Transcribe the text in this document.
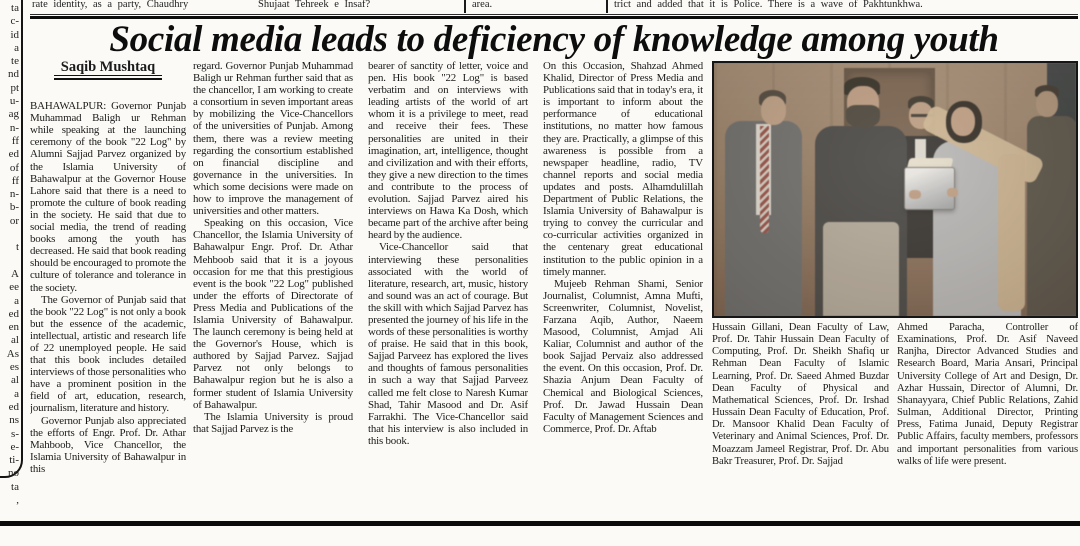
ta
c-
id
a
te
nd
pt
u-
ag
n-
ff
ed
of
ff
n-
b-
or
t
A
ee
a
ed
en
al
As
es
al
a
ed
ns
s-
e-
ti-
no
ta
,
rate identity, as a party, Chaudhry	Shujaat Tehreek e Insaf?	area.	trict and added that it is Police. There is a wave of Pakhtunkhwa.
Social media leads to deficiency of knowledge among youth
Saqib Mushtaq

BAHAWALPUR: Governor Punjab Muhammad Baligh ur Rehman while speaking at the launching ceremony of the book "22 Log" by Alumni Sajjad Parvez organized by the Islamia University of Bahawalpur at the Governor House Lahore said that there is a need to promote the culture of book reading in the society. He said that due to social media, the trend of reading books among the youth has decreased. He said that book reading should be encouraged to promote the culture of tolerance and tolerance in the society.

The Governor of Punjab said that the book "22 Log" is not only a book but the essence of the academic, intellectual, artistic and research life of 22 unemployed people. He said that this book includes detailed interviews of those personalities who have a prominent position in the field of art, education, research, journalism, literature and history.

Governor Punjab also appreciated the efforts of Engr. Prof. Dr. Athar Mahboob, Vice Chancellor, the Islamia University of Bahawalpur in this

regard. Governor Punjab Muhammad Baligh ur Rehman further said that as the chancellor, I am working to create a consortium in seven important areas by mobilizing the Vice-Chancellors of the universities of Punjab. Among them, there was a review meeting regarding the consortium established on financial discipline and governance in the universities. In which some decisions were made on how to improve the management of universities and other matters.

Speaking on this occasion, Vice Chancellor, the Islamia University of Bahawalpur Engr. Prof. Dr. Athar Mehboob said that it is a joyous occasion for me that this prestigious event is the book "22 Log" published under the efforts of Directorate of Press Media and Publications of the Islamia University of Bahawalpur. The launch ceremony is being held at the Governor's House, which is authored by Sajjad Parvez. Sajjad Parvez not only belongs to Bahawalpur region but he is also a former student of Islamia University of Bahawalpur.

The Islamia University is proud that Sajjad Parvez is the

bearer of sanctity of letter, voice and pen. His book "22 Log" is based verbatim and on interviews with leading artists of the world of art whom it is a privilege to meet, read and receive their fees. These personalities are united in their imagination, art, intelligence, thought and civilization and with their efforts, they give a new direction to the times and contribute to the process of evolution. Sajjad Parvez aired his interviews on Hawa Ka Dosh, which became part of the archive after being heard by the audience.

Vice-Chancellor said that interviewing these personalities associated with the world of literature, research, art, music, history and sound was an act of courage. But the skill with which Sajjad Parvez has presented the journey of his life in the words of these personalities is worthy of praise. He said that in this book, Sajjad Parveez has explored the lives and thoughts of famous personalities in such a way that Sajjad Parveez called me felt close to Naresh Kumar Shad, Tahir Masood and Dr. Asif Farrakhi. The Vice-Chancellor said that his interview is also included in this book.

On this Occasion, Shahzad Ahmed Khalid, Director of Press Media and Publications said that in today's era, it is important to inform about the performance of educational institutions, no matter how famous they are. Practically, a glimpse of this awareness is possible from a newspaper headline, radio, TV channel reports and social media updates and posts. Alhamdulillah Department of Public Relations, the Islamia University of Bahawalpur is trying to convey the curricular and co-curricular activities organized in the centenary great educational institution to the public opinion in a timely manner.

Mujeeb Rehman Shami, Senior Journalist, Columnist, Amna Mufti, Screenwriter, Columnist, Novelist, Farzana Aqib, Author, Naeem Masood, Columnist, Amjad Ali Kaliar, Columnist and author of the book Sajjad Pervaiz also addressed the event. On this occasion, Prof. Dr. Shazia Anjum Dean Faculty of Chemical and Biological Sciences, Prof. Dr. Jawad Hussain Dean Faculty of Management Sciences and Commerce, Prof. Dr. Aftab

Hussain Gillani, Dean Faculty of Law, Prof. Dr. Tahir Hussain Dean Faculty of Computing, Prof. Dr. Sheikh Shafiq ur Rehman Dean Faculty of Islamic Learning, Prof. Dr. Saeed Ahmed Buzdar Dean Faculty of Physical and Mathematical Sciences, Prof. Dr. Irshad Hussain Dean Faculty of Education, Prof. Dr. Mansoor Khalid Dean Faculty of Veterinary and Animal Sciences, Prof. Dr. Moazzam Jameel Registrar, Prof. Dr. Abu Bakr Treasurer, Prof. Dr. Sajjad

Ahmed Paracha, Controller of Examinations, Prof. Dr. Asif Naveed Ranjha, Director Advanced Studies and Research Board, Maria Ansari, Principal University College of Art and Design, Dr. Azhar Hussain, Director of Alumni, Dr. Shanayyara, Chief Public Relations, Zahid Sulman, Additional Director, Printing Press, Fatima Junaid, Deputy Registrar Public Affairs, faculty members, professors and important personalities from various walks of life were present.
